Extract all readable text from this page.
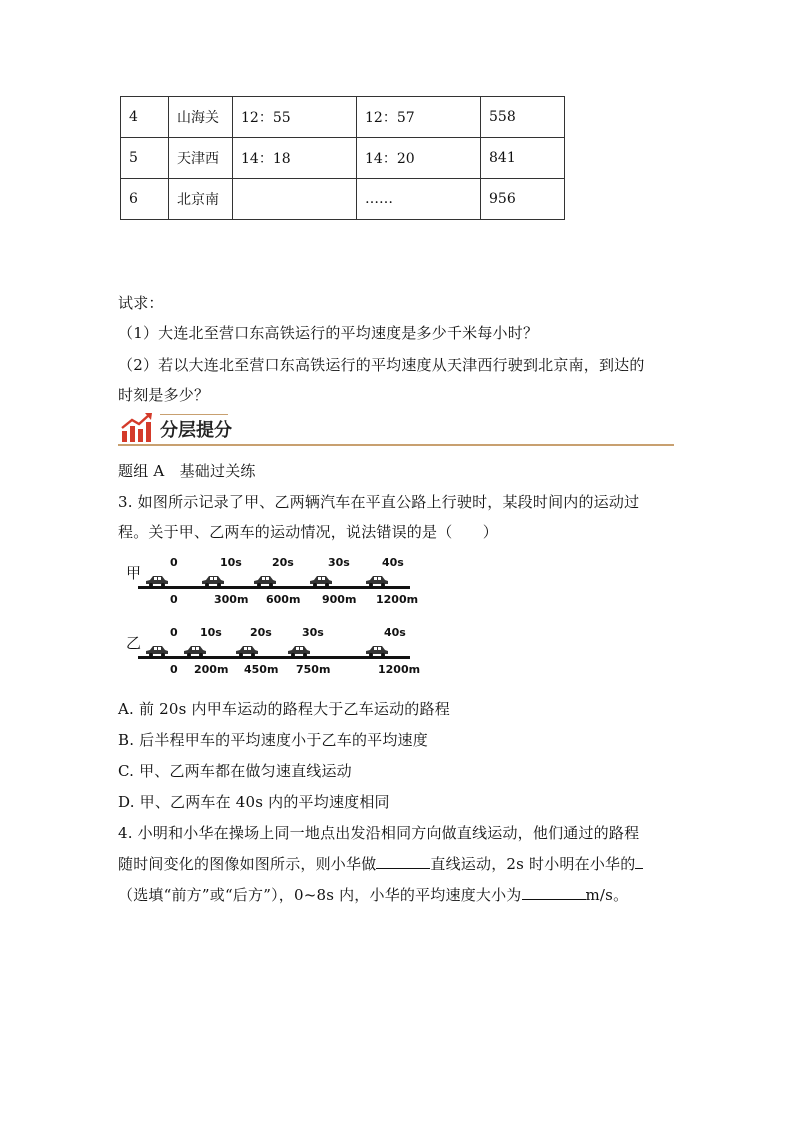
4	山海关	12：55	12：57	558
5	天津西	14：18	14：20	841
6	北京南		……	956
试求：
（1）大连北至营口东高铁运行的平均速度是多少千米每小时？
（2）若以大连北至营口东高铁运行的平均速度从天津西行驶到北京南，到达的
时刻是多少？
分层提分
题组 A　基础过关练
3. 如图所示记录了甲、乙两辆汽车在平直公路上行驶时，某段时间内的运动过
程。关于甲、乙两车的运动情况，说法错误的是（　　）
甲
0
0
10s
300m
20s
600m
30s
900m
40s
1200m
乙
0
0
10s
200m
20s
450m
30s
750m
40s
1200m
A. 前 20s 内甲车运动的路程大于乙车运动的路程
B. 后半程甲车的平均速度小于乙车的平均速度
C. 甲、乙两车都在做匀速直线运动
D. 甲、乙两车在 40s 内的平均速度相同
4. 小明和小华在操场上同一地点出发沿相同方向做直线运动，他们通过的路程
随时间变化的图像如图所示，则小华做	直线运动，2s 时小明在小华的
（选填“前方”或“后方”），0~8s 内，小华的平均速度大小为	m/s。
